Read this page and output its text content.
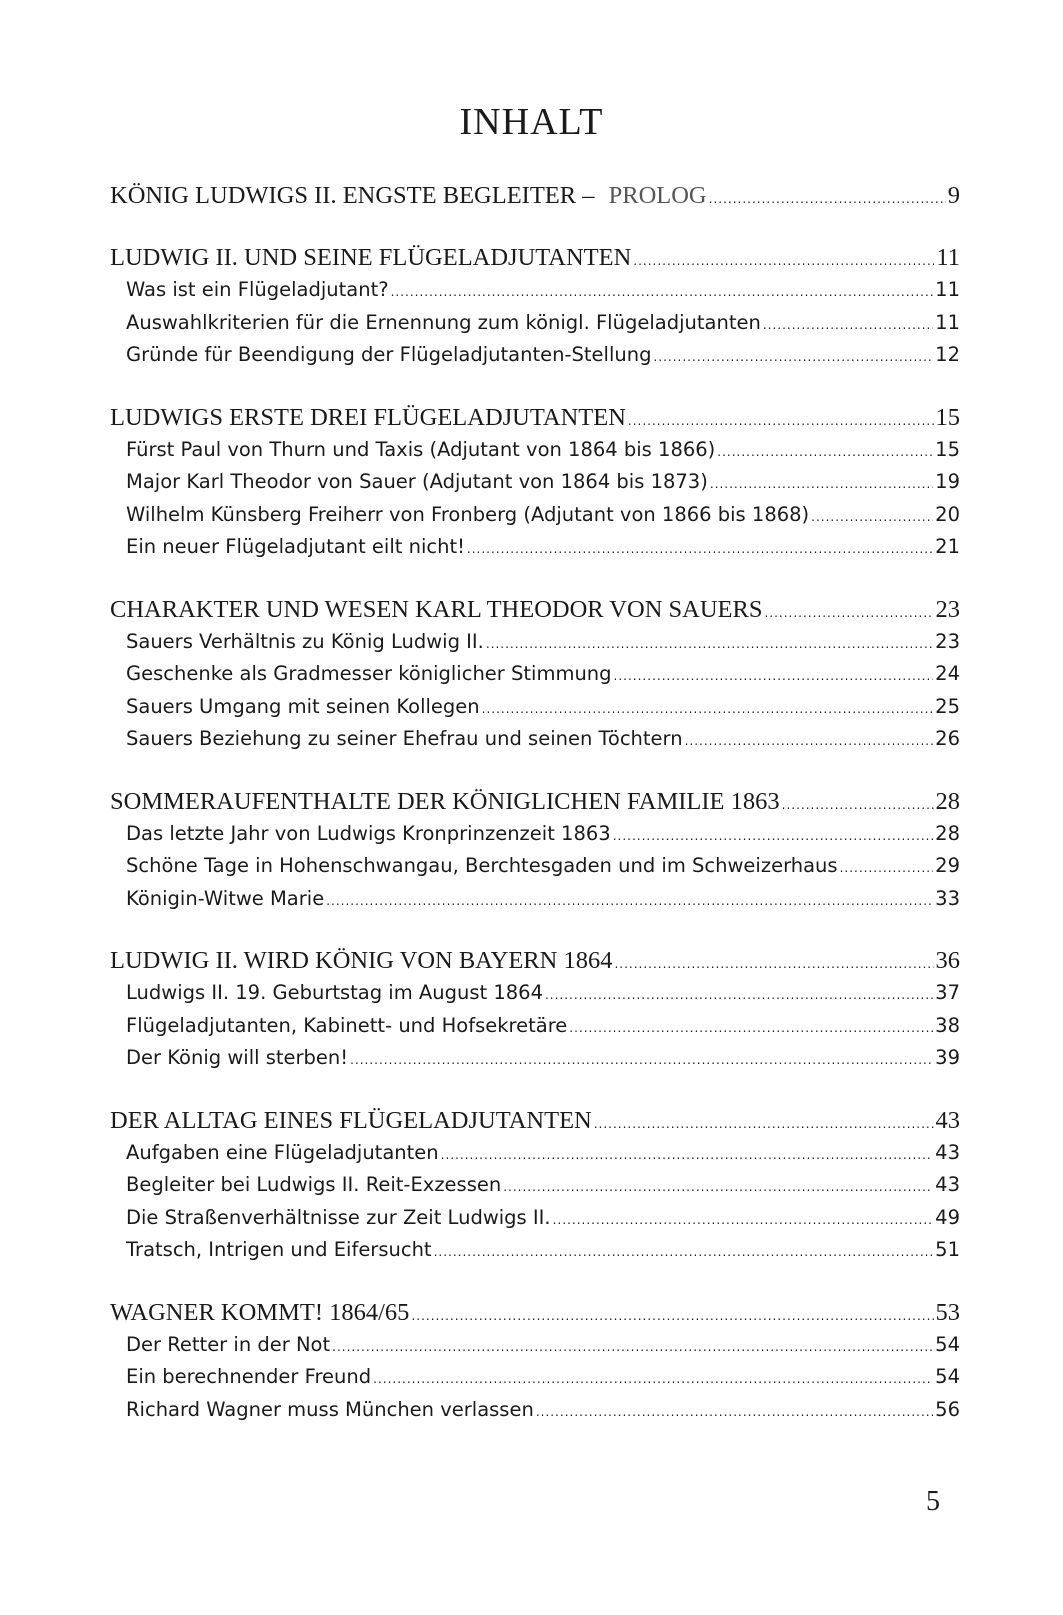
INHALT
KÖNIG LUDWIGS II. ENGSTE BEGLEITER – PROLOG .....	9
LUDWIG II. UND SEINE FLÜGELADJUTANTEN .....	11
Was ist ein Flügeladjutant? .....	11
Auswahlkriterien für die Ernennung zum königl. Flügeladjutanten .....	11
Gründe für Beendigung der Flügeladjutanten-Stellung .....	12
LUDWIGS ERSTE DREI FLÜGELADJUTANTEN .....	15
Fürst Paul von Thurn und Taxis (Adjutant von 1864 bis 1866) .....	15
Major Karl Theodor von Sauer (Adjutant von 1864 bis 1873) .....	19
Wilhelm Künsberg Freiherr von Fronberg (Adjutant von 1866 bis 1868) .....	20
Ein neuer Flügeladjutant eilt nicht! .....	21
CHARAKTER UND WESEN KARL THEODOR VON SAUERS .....	23
Sauers Verhältnis zu König Ludwig II. .....	23
Geschenke als Gradmesser königlicher Stimmung .....	24
Sauers Umgang mit seinen Kollegen .....	25
Sauers Beziehung zu seiner Ehefrau und seinen Töchtern .....	26
SOMMERAUFENTHALTE DER KÖNIGLICHEN FAMILIE 1863 .....	28
Das letzte Jahr von Ludwigs Kronprinzenzeit 1863 .....	28
Schöne Tage in Hohenschwangau, Berchtesgaden und im Schweizerhaus .....	29
Königin-Witwe Marie .....	33
LUDWIG II. WIRD KÖNIG VON BAYERN 1864 .....	36
Ludwigs II. 19. Geburtstag im August 1864 .....	37
Flügeladjutanten, Kabinett- und Hofsekretäre .....	38
Der König will sterben! .....	39
DER ALLTAG EINES FLÜGELADJUTANTEN .....	43
Aufgaben eine Flügeladjutanten .....	43
Begleiter bei Ludwigs II. Reit-Exzessen .....	43
Die Straßenverhältnisse zur Zeit Ludwigs II. .....	49
Tratsch, Intrigen und Eifersucht .....	51
WAGNER KOMMT! 1864/65 .....	53
Der Retter in der Not .....	54
Ein berechnender Freund .....	54
Richard Wagner muss München verlassen .....	56
5
